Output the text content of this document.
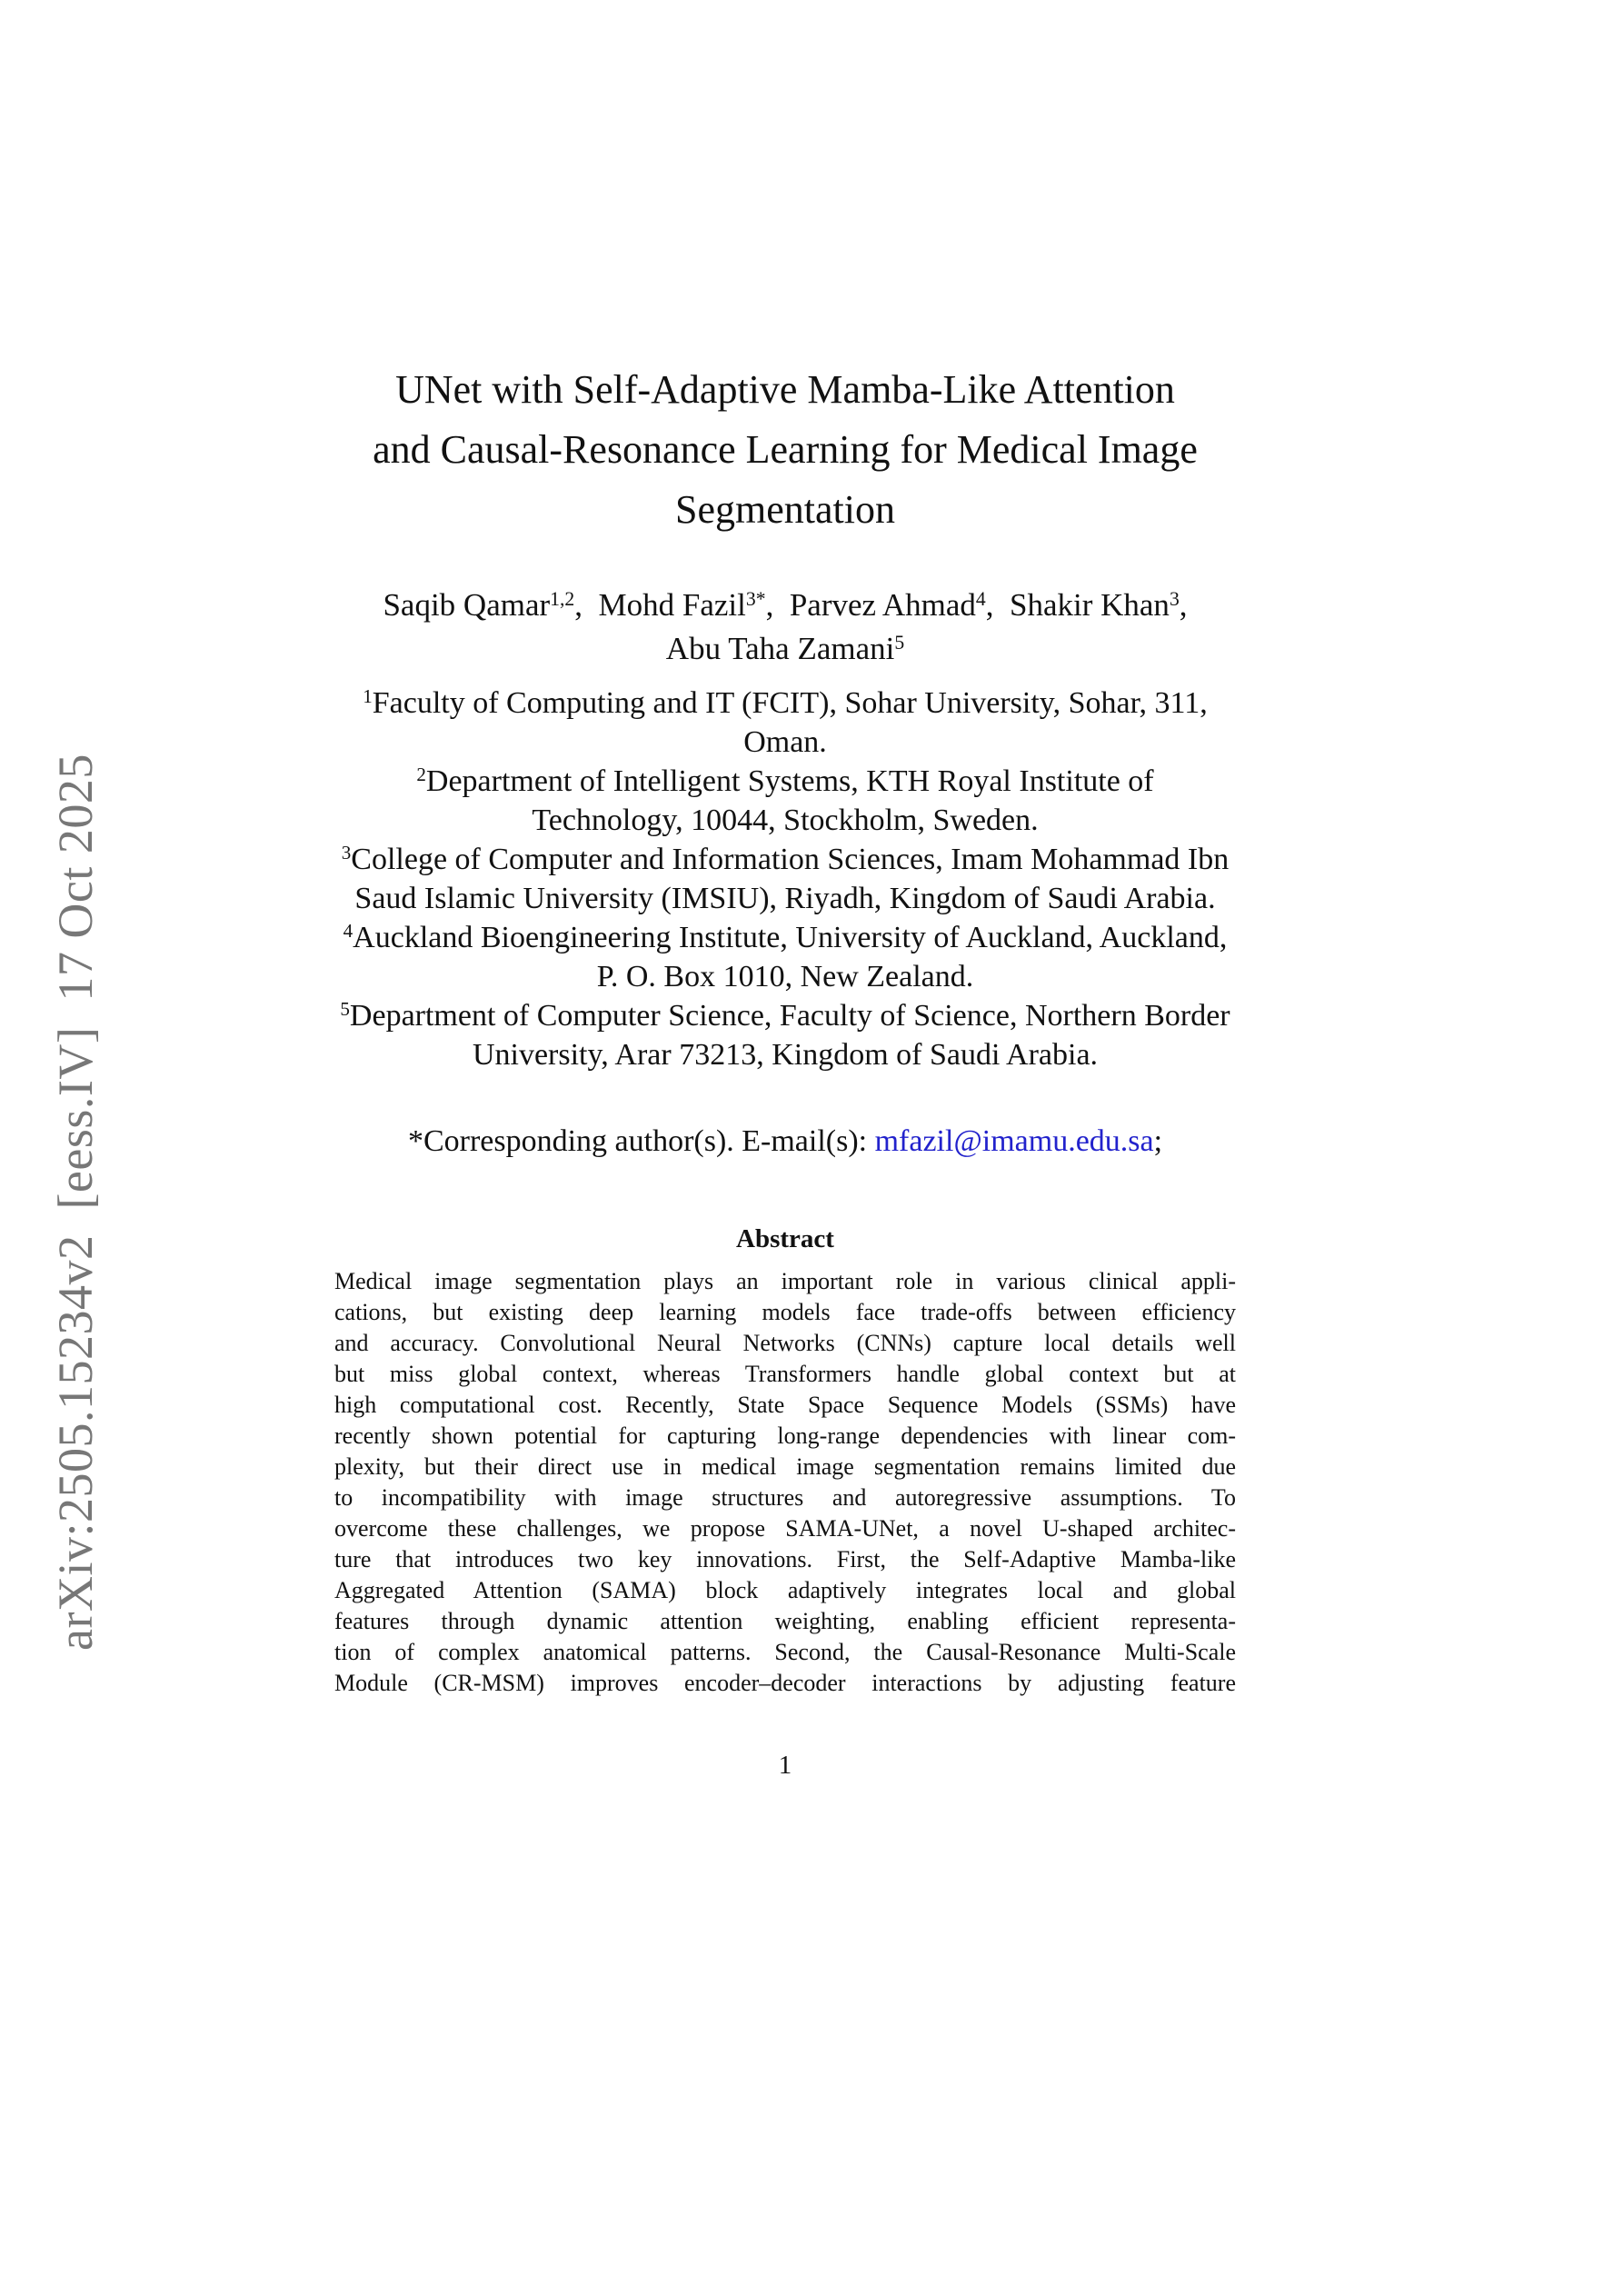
arXiv:2505.15234v2  [eess.IV]  17 Oct 2025
UNet with Self-Adaptive Mamba-Like Attention
and Causal-Resonance Learning for Medical Image
Segmentation
Saqib Qamar$^{1,2}$,  Mohd Fazil$^{3*}$,  Parvez Ahmad$^4$,  Shakir Khan$^3$,
Abu Taha Zamani$^5$
$^1$Faculty of Computing and IT (FCIT), Sohar University, Sohar, 311,
Oman.
$^2$Department of Intelligent Systems, KTH Royal Institute of
Technology, 10044, Stockholm, Sweden.
$^3$College of Computer and Information Sciences, Imam Mohammad Ibn
Saud Islamic University (IMSIU), Riyadh, Kingdom of Saudi Arabia.
$^4$Auckland Bioengineering Institute, University of Auckland, Auckland,
P. O. Box 1010, New Zealand.
$^5$Department of Computer Science, Faculty of Science, Northern Border
University, Arar 73213, Kingdom of Saudi Arabia.

*Corresponding author(s). E-mail(s): mfazil@imamu.edu.sa;

Abstract
Medical image segmentation plays an important role in various clinical appli-
cations, but existing deep learning models face trade-offs between efficiency
and accuracy. Convolutional Neural Networks (CNNs) capture local details well
but miss global context, whereas Transformers handle global context but at
high computational cost. Recently, State Space Sequence Models (SSMs) have
recently shown potential for capturing long-range dependencies with linear com-
plexity, but their direct use in medical image segmentation remains limited due
to incompatibility with image structures and autoregressive assumptions. To
overcome these challenges, we propose SAMA-UNet, a novel U-shaped architec-
ture that introduces two key innovations. First, the Self-Adaptive Mamba-like
Aggregated Attention (SAMA) block adaptively integrates local and global
features through dynamic attention weighting, enabling efficient representa-
tion of complex anatomical patterns. Second, the Causal-Resonance Multi-Scale
Module (CR-MSM) improves encoder–decoder interactions by adjusting feature
1
